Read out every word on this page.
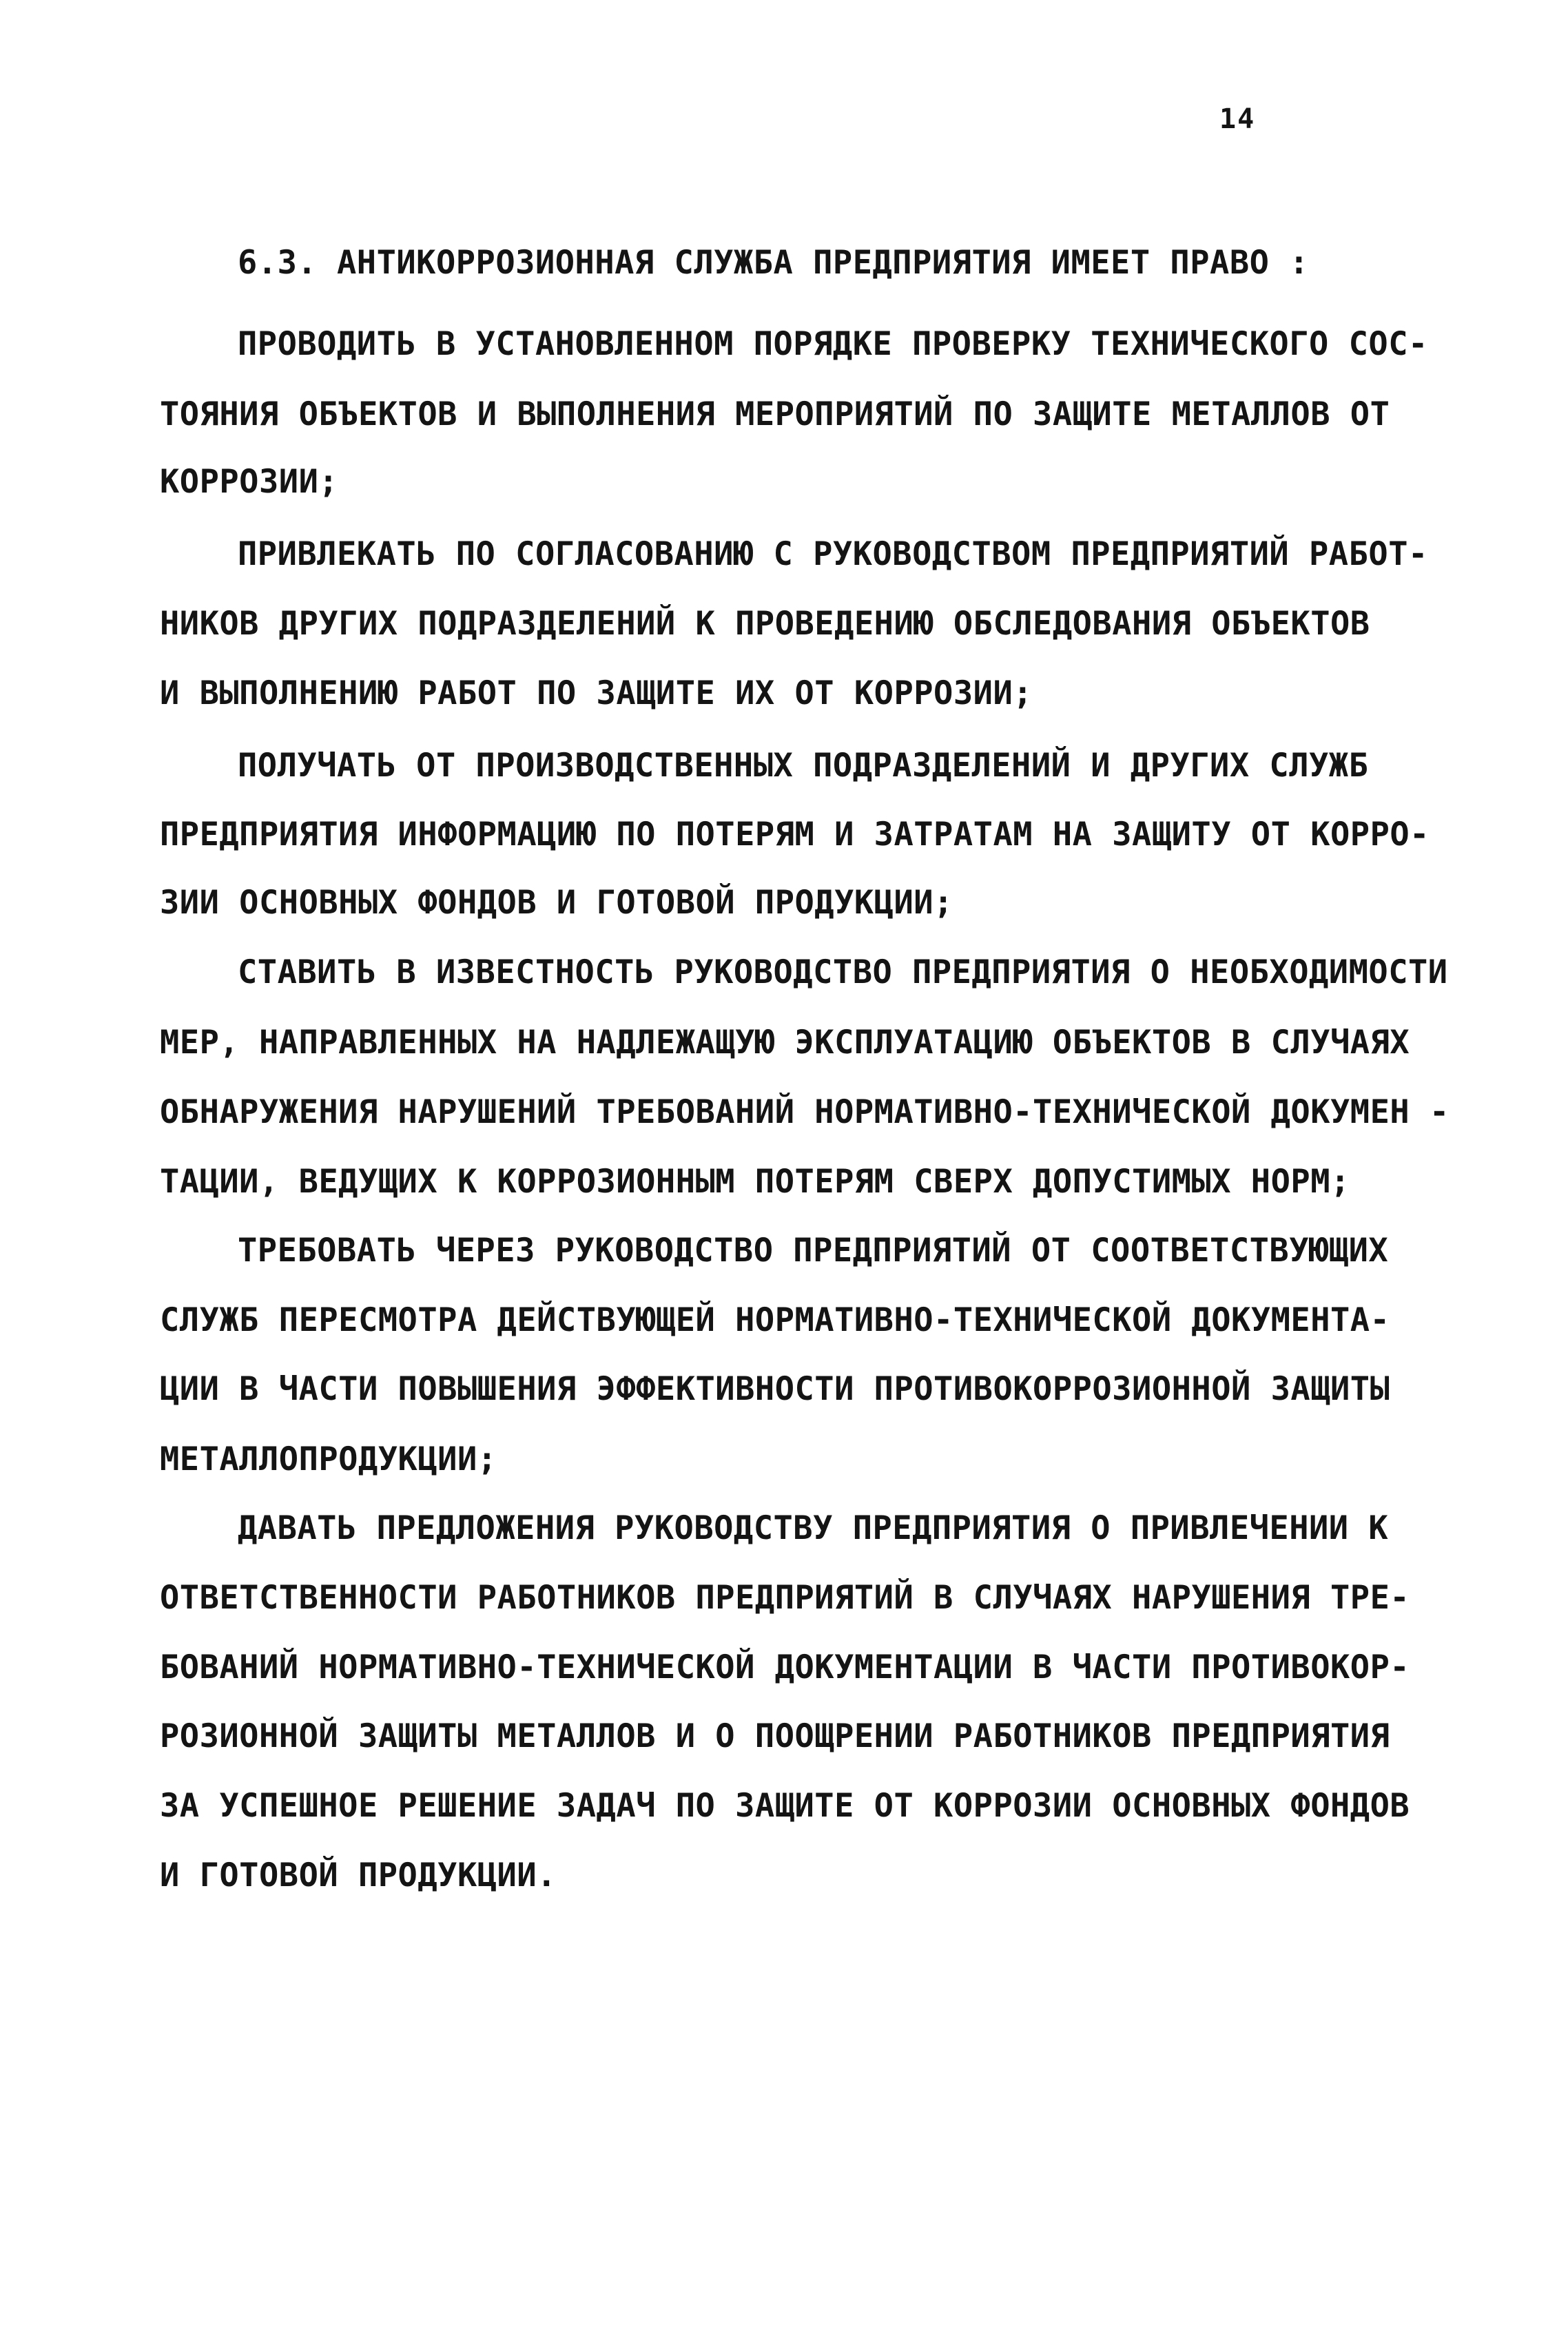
14
6.3. АНТИКОРРОЗИОННАЯ СЛУЖБА ПРЕДПРИЯТИЯ ИМЕЕТ ПРАВО :
ПРОВОДИТЬ В УСТАНОВЛЕННОМ ПОРЯДКЕ ПРОВЕРКУ ТЕХНИЧЕСКОГО СОС-
ТОЯНИЯ ОБЪЕКТОВ И ВЫПОЛНЕНИЯ МЕРОПРИЯТИЙ ПО ЗАЩИТЕ МЕТАЛЛОВ ОТ
КОРРОЗИИ;
ПРИВЛЕКАТЬ ПО СОГЛАСОВАНИЮ С РУКОВОДСТВОМ ПРЕДПРИЯТИЙ РАБОТ-
НИКОВ ДРУГИХ ПОДРАЗДЕЛЕНИЙ К ПРОВЕДЕНИЮ ОБСЛЕДОВАНИЯ ОБЪЕКТОВ
И ВЫПОЛНЕНИЮ РАБОТ ПО ЗАЩИТЕ ИХ ОТ КОРРОЗИИ;
ПОЛУЧАТЬ ОТ ПРОИЗВОДСТВЕННЫХ ПОДРАЗДЕЛЕНИЙ И ДРУГИХ СЛУЖБ
ПРЕДПРИЯТИЯ ИНФОРМАЦИЮ ПО ПОТЕРЯМ И ЗАТРАТАМ НА ЗАЩИТУ ОТ КОРРО-
ЗИИ ОСНОВНЫХ ФОНДОВ И ГОТОВОЙ ПРОДУКЦИИ;
СТАВИТЬ В ИЗВЕСТНОСТЬ РУКОВОДСТВО ПРЕДПРИЯТИЯ О НЕОБХОДИМОСТИ
МЕР, НАПРАВЛЕННЫХ НА НАДЛЕЖАЩУЮ ЭКСПЛУАТАЦИЮ ОБЪЕКТОВ В СЛУЧАЯХ
ОБНАРУЖЕНИЯ НАРУШЕНИЙ ТРЕБОВАНИЙ НОРМАТИВНО-ТЕХНИЧЕСКОЙ ДОКУМЕН -
ТАЦИИ, ВЕДУЩИХ К КОРРОЗИОННЫМ ПОТЕРЯМ СВЕРХ ДОПУСТИМЫХ НОРМ;
ТРЕБОВАТЬ ЧЕРЕЗ РУКОВОДСТВО ПРЕДПРИЯТИЙ ОТ СООТВЕТСТВУЮЩИХ
СЛУЖБ ПЕРЕСМОТРА ДЕЙСТВУЮЩЕЙ НОРМАТИВНО-ТЕХНИЧЕСКОЙ ДОКУМЕНТА-
ЦИИ В ЧАСТИ ПОВЫШЕНИЯ ЭФФЕКТИВНОСТИ ПРОТИВОКОРРОЗИОННОЙ ЗАЩИТЫ
МЕТАЛЛОПРОДУКЦИИ;
ДАВАТЬ ПРЕДЛОЖЕНИЯ РУКОВОДСТВУ ПРЕДПРИЯТИЯ О ПРИВЛЕЧЕНИИ К
ОТВЕТСТВЕННОСТИ РАБОТНИКОВ ПРЕДПРИЯТИЙ В СЛУЧАЯХ НАРУШЕНИЯ ТРЕ-
БОВАНИЙ НОРМАТИВНО-ТЕХНИЧЕСКОЙ ДОКУМЕНТАЦИИ В ЧАСТИ ПРОТИВОКОР-
РОЗИОННОЙ ЗАЩИТЫ МЕТАЛЛОВ И О ПООЩРЕНИИ РАБОТНИКОВ ПРЕДПРИЯТИЯ
ЗА УСПЕШНОЕ РЕШЕНИЕ ЗАДАЧ ПО ЗАЩИТЕ ОТ КОРРОЗИИ ОСНОВНЫХ ФОНДОВ
И ГОТОВОЙ ПРОДУКЦИИ.
